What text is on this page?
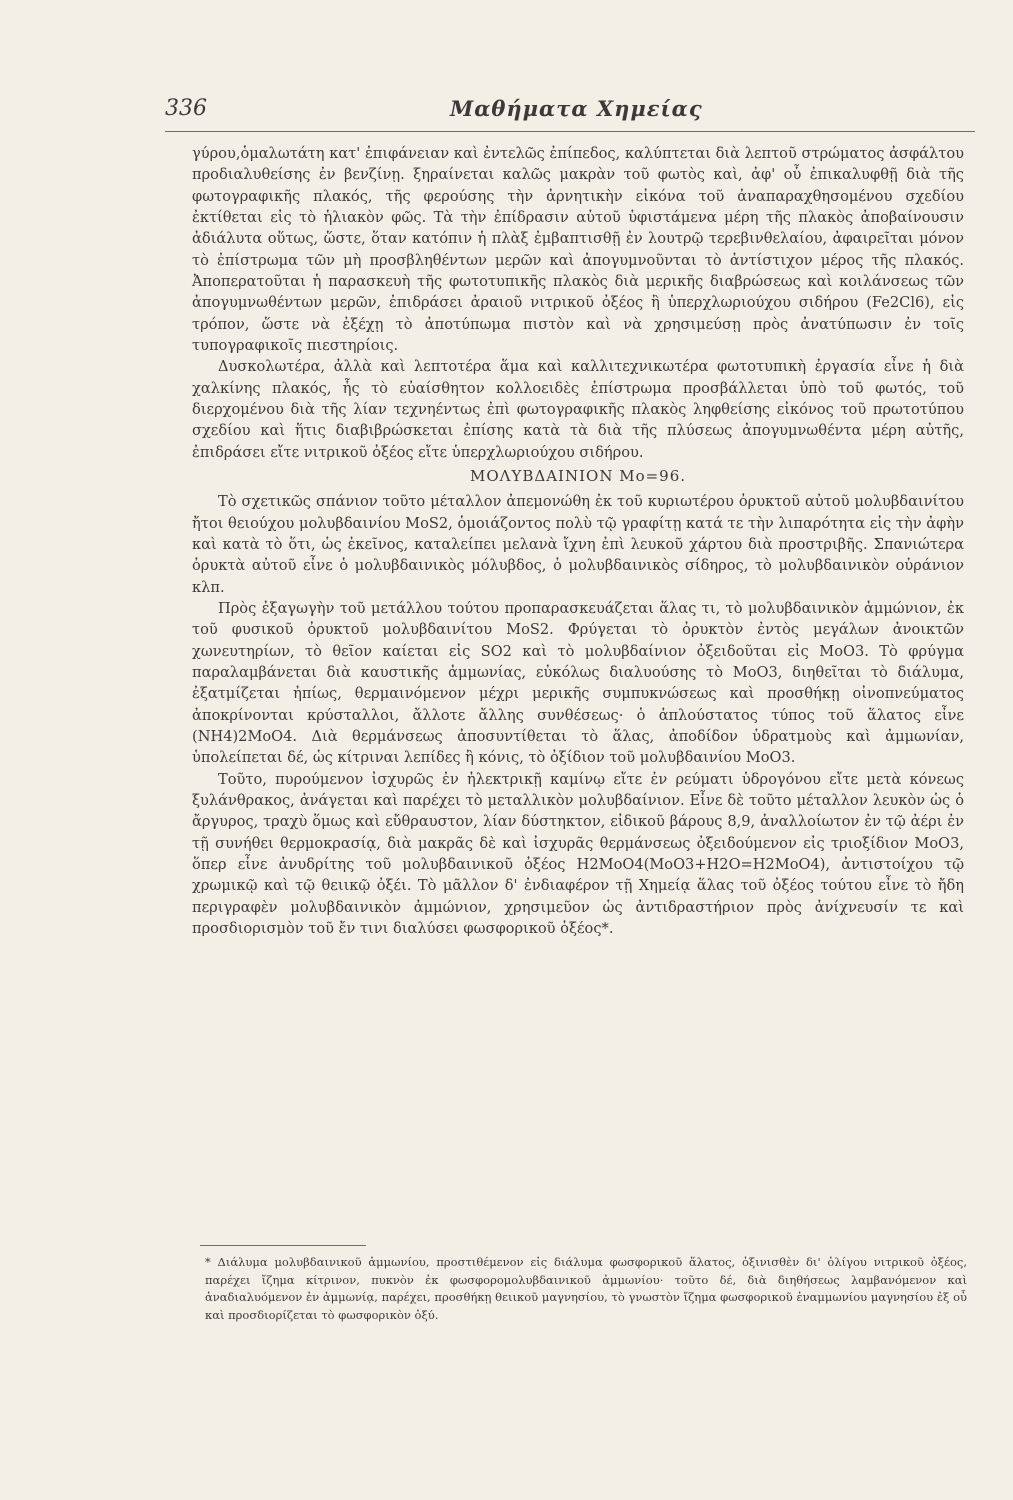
336	Μαθήματα Χημείας

γύρου,ὁμαλωτάτη κατ' ἐπιφάνειαν καὶ ἐντελῶς ἐπίπεδος, καλύπτεται διὰ λεπτοῦ στρώματος ἀσφάλτου προδιαλυθείσης ἐν βενζίνῃ. ξηραίνεται καλῶς μακρὰν τοῦ φωτὸς καὶ, ἀφ' οὗ ἐπικαλυφθῇ διὰ τῆς φωτογραφικῆς πλακός, τῆς φερούσης τὴν ἀρνητικὴν εἰκόνα τοῦ ἀναπαραχθησομένου σχεδίου ἐκτίθεται εἰς τὸ ἡλιακὸν φῶς. Τὰ τὴν ἐπίδρασιν αὐτοῦ ὑφιστάμενα μέρη τῆς πλακὸς ἀποβαίνουσιν ἀδιάλυτα οὕτως, ὥστε, ὅταν κατόπιν ἡ πλὰξ ἐμβαπτισθῇ ἐν λουτρῷ τερεβινθελαίου, ἀφαιρεῖται μόνον τὸ ἐπίστρωμα τῶν μὴ προσβληθέντων μερῶν καὶ ἀπογυμνοῦνται τὸ ἀντίστιχον μέρος τῆς πλακός. Ἀποπερατοῦται ἡ παρασκευὴ τῆς φωτοτυπικῆς πλακὸς διὰ μερικῆς διαβρώσεως καὶ κοιλάνσεως τῶν ἀπογυμνωθέντων μερῶν, ἐπιδράσει ἀραιοῦ νιτρικοῦ ὀξέος ἢ ὑπερχλωριούχου σιδήρου (Fe2Cl6), εἰς τρόπον, ὥστε νὰ ἐξέχῃ τὸ ἀποτύπωμα πιστὸν καὶ νὰ χρησιμεύσῃ πρὸς ἀνατύπωσιν ἐν τοῖς τυπογραφικοῖς πιεστηρίοις.

Δυσκολωτέρα, ἀλλὰ καὶ λεπτοτέρα ἅμα καὶ καλλιτεχνικωτέρα φωτοτυπικὴ ἐργασία εἶνε ἡ διὰ χαλκίνης πλακός, ἧς τὸ εὐαίσθητον κολλοειδὲς ἐπίστρωμα προσβάλλεται ὑπὸ τοῦ φωτός, τοῦ διερχομένου διὰ τῆς λίαν τεχνηέντως ἐπὶ φωτογραφικῆς πλακὸς ληφθείσης εἰκόνος τοῦ πρωτοτύπου σχεδίου καὶ ἥτις διαβιβρώσκεται ἐπίσης κατὰ τὰ διὰ τῆς πλύσεως ἀπογυμνωθέντα μέρη αὐτῆς, ἐπιδράσει εἴτε νιτρικοῦ ὀξέος εἴτε ὑπερχλωριούχου σιδήρου.

ΜΟΛΥΒΔΑΙΝΙΟΝ Mo=96.

Τὸ σχετικῶς σπάνιον τοῦτο μέταλλον ἀπεμονώθη ἐκ τοῦ κυριωτέρου ὀρυκτοῦ αὐτοῦ μολυβδαινίτου ἤτοι θειούχου μολυβδαινίου MoS2, ὁμοιάζοντος πολὺ τῷ γραφίτῃ κατά τε τὴν λιπαρότητα εἰς τὴν ἀφὴν καὶ κατὰ τὸ ὅτι, ὡς ἐκεῖνος, καταλείπει μελανὰ ἴχνη ἐπὶ λευκοῦ χάρτου διὰ προστριβῆς. Σπανιώτερα ὀρυκτὰ αὐτοῦ εἶνε ὁ μολυβδαινικὸς μόλυβδος, ὁ μολυβδαινικὸς σίδηρος, τὸ μολυβδαινικὸν οὐράνιον κλπ.

Πρὸς ἐξαγωγὴν τοῦ μετάλλου τούτου προπαρασκευάζεται ἅλας τι, τὸ μολυβδαινικὸν ἀμμώνιον, ἐκ τοῦ φυσικοῦ ὀρυκτοῦ μολυβδαινίτου MoS2. Φρύγεται τὸ ὀρυκτὸν ἐντὸς μεγάλων ἀνοικτῶν χωνευτηρίων, τὸ θεῖον καίεται εἰς SO2 καὶ τὸ μολυβδαίνιον ὀξειδοῦται εἰς MoO3. Τὸ φρύγμα παραλαμβάνεται διὰ καυστικῆς ἀμμωνίας, εὐκόλως διαλυούσης τὸ MoO3, διηθεῖται τὸ διάλυμα, ἐξατμίζεται ἠπίως, θερμαινόμενον μέχρι μερικῆς συμπυκνώσεως καὶ προσθήκῃ οἰνοπνεύματος ἀποκρίνονται κρύσταλλοι, ἄλλοτε ἄλλης συνθέσεως· ὁ ἁπλούστατος τύπος τοῦ ἅλατος εἶνε (NH4)2MoO4. Διὰ θερμάνσεως ἀποσυντίθεται τὸ ἅλας, ἀποδίδον ὑδρατμοὺς καὶ ἀμμωνίαν, ὑπολείπεται δέ, ὡς κίτριναι λεπίδες ἢ κόνις, τὸ ὀξίδιον τοῦ μολυβδαινίου MoO3.

Τοῦτο, πυρούμενον ἰσχυρῶς ἐν ἠλεκτρικῇ καμίνῳ εἴτε ἐν ρεύματι ὑδρογόνου εἴτε μετὰ κόνεως ξυλάνθρακος, ἀνάγεται καὶ παρέχει τὸ μεταλλικὸν μολυβδαίνιον. Εἶνε δὲ τοῦτο μέταλλον λευκὸν ὡς ὁ ἄργυρος, τραχὺ ὅμως καὶ εὔθραυστον, λίαν δύστηκτον, εἰδικοῦ βάρους 8,9, ἀναλλοίωτον ἐν τῷ ἀέρι ἐν τῇ συνήθει θερμοκρασίᾳ, διὰ μακρᾶς δὲ καὶ ἰσχυρᾶς θερμάνσεως ὀξειδούμενον εἰς τριοξίδιον MoO3, ὅπερ εἶνε ἀνυδρίτης τοῦ μολυβδαινικοῦ ὀξέος H2MoO4(MoO3+H2O=H2MoO4), ἀντιστοίχου τῷ χρωμικῷ καὶ τῷ θειικῷ ὀξέι. Τὸ μᾶλλον δ' ἐνδιαφέρον τῇ Χημείᾳ ἅλας τοῦ ὀξέος τούτου εἶνε τὸ ἤδη περιγραφὲν μολυβδαινικὸν ἀμμώνιον, χρησιμεῦον ὡς ἀντιδραστήριον πρὸς ἀνίχνευσίν τε καὶ προσδιορισμὸν τοῦ ἔν τινι διαλύσει φωσφορικοῦ ὀξέος*.

* Διάλυμα μολυβδαινικοῦ ἀμμωνίου, προστιθέμενον εἰς διάλυμα φωσφορικοῦ ἅλατος, ὀξινισθὲν δι' ὀλίγου νιτρικοῦ ὀξέος, παρέχει ἴζημα κίτρινον, πυκνὸν ἐκ φωσφορομολυβδαινικοῦ ἀμμωνίου· τοῦτο δέ, διὰ διηθήσεως λαμβανόμενον καὶ ἀναδιαλυόμενον ἐν ἀμμωνίᾳ, παρέχει, προσθήκῃ θειικοῦ μαγνησίου, τὸ γνωστὸν ἴζημα φωσφορικοῦ ἐναμμωνίου μαγνησίου ἐξ οὗ καὶ προσδιορίζεται τὸ φωσφορικὸν ὀξύ.
